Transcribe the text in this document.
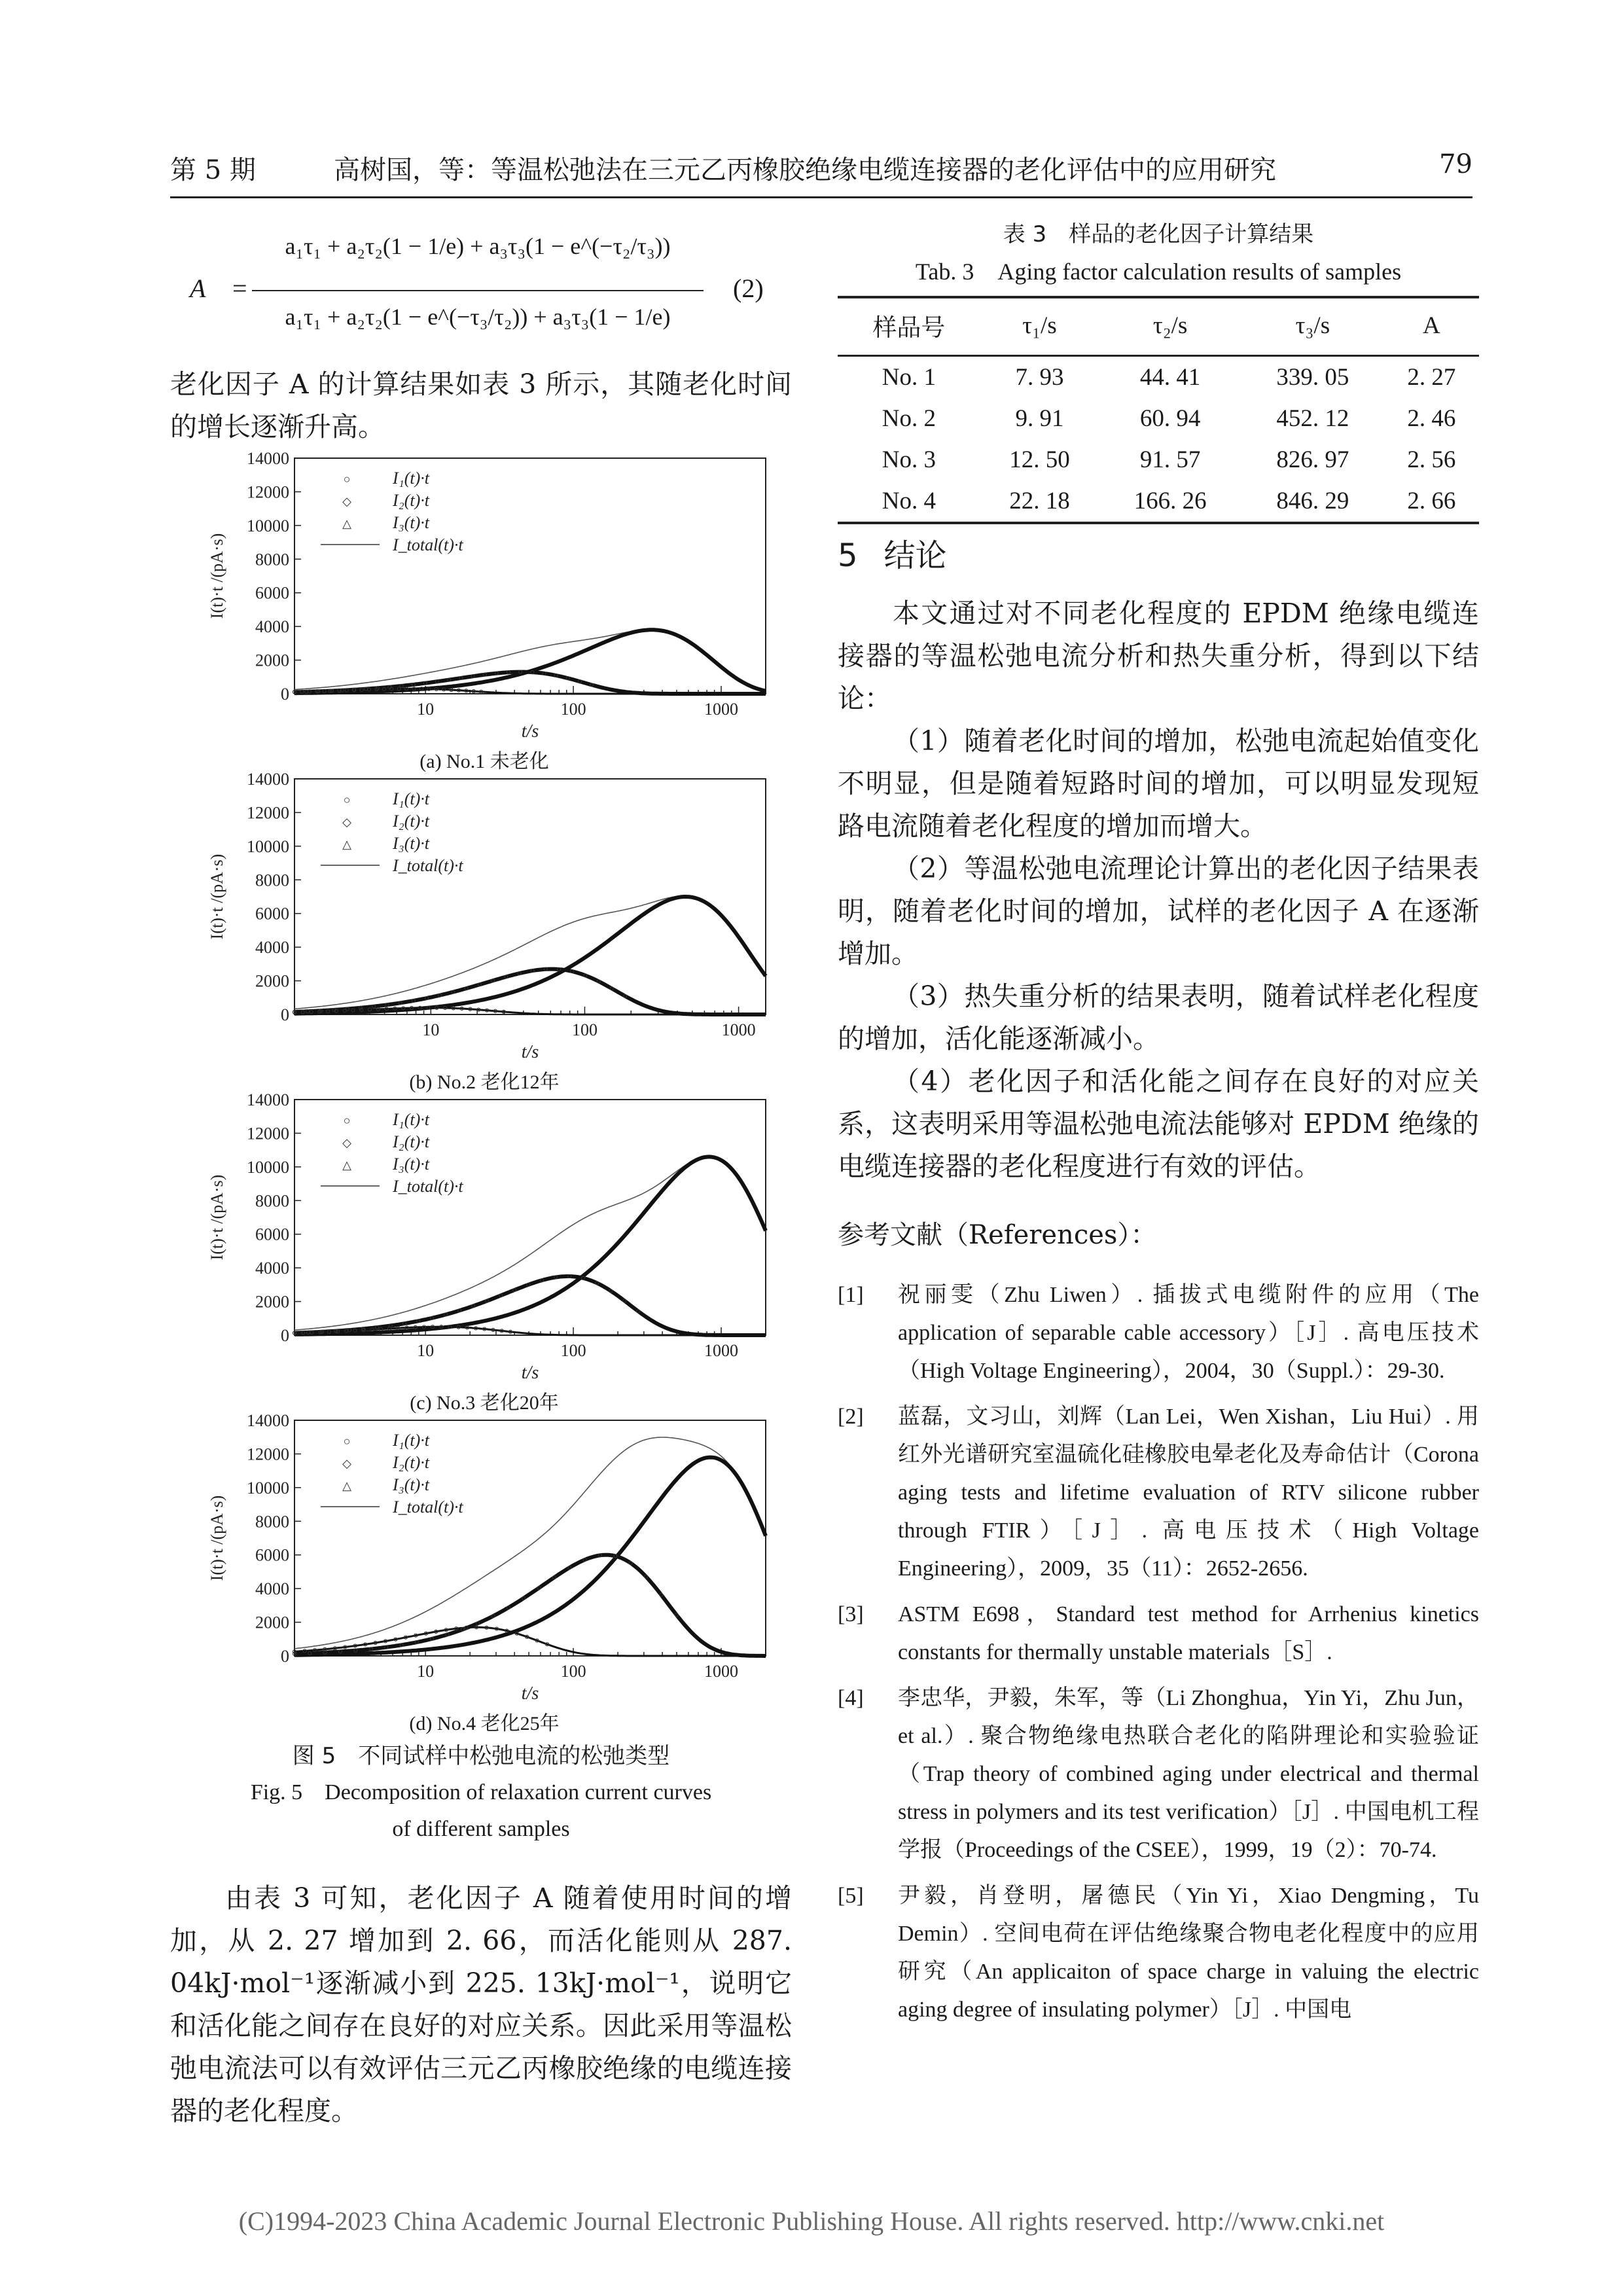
第 5 期	高树国，等：等温松弛法在三元乙丙橡胶绝缘电缆连接器的老化评估中的应用研究	79
A =
a₁τ₁ + a₂τ₂(1 − 1/e) + a₃τ₃(1 − e^(−τ₂/τ₃))
a₁τ₁ + a₂τ₂(1 − e^(−τ₃/τ₂)) + a₃τ₃(1 − 1/e)
(2)

老化因子 A 的计算结果如表 3 所示，其随老化时间的增长逐渐升高。

0
2000
4000
6000
8000
10000
12000
14000
10	100	1000
t/s
I(t)·t /(pA·s)
○ I₁(t)·t
◇ I₂(t)·t
△ I₃(t)·t
I_total(t)·t
(a) No.1 未老化
0
2000
4000
6000
8000
10000
12000
14000
10	100	1000
t/s
I(t)·t /(pA·s)
○ I₁(t)·t
◇ I₂(t)·t
△ I₃(t)·t
I_total(t)·t
(b) No.2 老化12年
0
2000
4000
6000
8000
10000
12000
14000
10	100	1000
t/s
I(t)·t /(pA·s)
○ I₁(t)·t
◇ I₂(t)·t
△ I₃(t)·t
I_total(t)·t
(c) No.3 老化20年
0
2000
4000
6000
8000
10000
12000
14000
10	100	1000
t/s
I(t)·t /(pA·s)
○ I₁(t)·t
◇ I₂(t)·t
△ I₃(t)·t
I_total(t)·t
(d) No.4 老化25年
图 5　不同试样中松弛电流的松弛类型
Fig. 5　Decomposition of relaxation current curves
of different samples

由表 3 可知，老化因子 A 随着使用时间的增加，从 2. 27 增加到 2. 66，而活化能则从 287. 04kJ·mol⁻¹逐渐减小到 225. 13kJ·mol⁻¹，说明它和活化能之间存在良好的对应关系。因此采用等温松弛电流法可以有效评估三元乙丙橡胶绝缘的电缆连接器的老化程度。

表 3　样品的老化因子计算结果
Tab. 3　Aging factor calculation results of samples
样品号	τ₁/s	τ₂/s	τ₃/s	A
No. 1	7. 93	44. 41	339. 05	2. 27
No. 2	9. 91	60. 94	452. 12	2. 46
No. 3	12. 50	91. 57	826. 97	2. 56
No. 4	22. 18	166. 26	846. 29	2. 66
5 结论

本文通过对不同老化程度的 EPDM 绝缘电缆连接器的等温松弛电流分析和热失重分析，得到以下结论：

（1）随着老化时间的增加，松弛电流起始值变化不明显，但是随着短路时间的增加，可以明显发现短路电流随着老化程度的增加而增大。

（2）等温松弛电流理论计算出的老化因子结果表明，随着老化时间的增加，试样的老化因子 A 在逐渐增加。

（3）热失重分析的结果表明，随着试样老化程度的增加，活化能逐渐减小。

（4）老化因子和活化能之间存在良好的对应关系，这表明采用等温松弛电流法能够对 EPDM 绝缘的电缆连接器的老化程度进行有效的评估。

参考文献（References）：
[1] 祝丽雯（Zhu Liwen）. 插拔式电缆附件的应用（The application of separable cable accessory）［J］. 高电压技术（High Voltage Engineering），2004，30（Suppl.）：29-30.
[2] 蓝磊，文习山，刘辉（Lan Lei，Wen Xishan，Liu Hui）. 用红外光谱研究室温硫化硅橡胶电晕老化及寿命估计（Corona aging tests and lifetime evaluation of RTV silicone rubber through FTIR）［J］. 高电压技术（High Voltage Engineering），2009，35（11）：2652-2656.
[3] ASTM E698，Standard test method for Arrhenius kinetics constants for thermally unstable materials［S］.
[4] 李忠华，尹毅，朱军，等（Li Zhonghua，Yin Yi，Zhu Jun，et al.）. 聚合物绝缘电热联合老化的陷阱理论和实验验证（Trap theory of combined aging under electrical and thermal stress in polymers and its test verification）［J］. 中国电机工程学报（Proceedings of the CSEE），1999，19（2）：70-74.
[5] 尹毅，肖登明，屠德民（Yin Yi，Xiao Dengming，Tu Demin）. 空间电荷在评估绝缘聚合物电老化程度中的应用研究（An applicaiton of space charge in valuing the electric aging degree of insulating polymer）［J］. 中国电
(C)1994-2023 China Academic Journal Electronic Publishing House. All rights reserved. http://www.cnki.net
